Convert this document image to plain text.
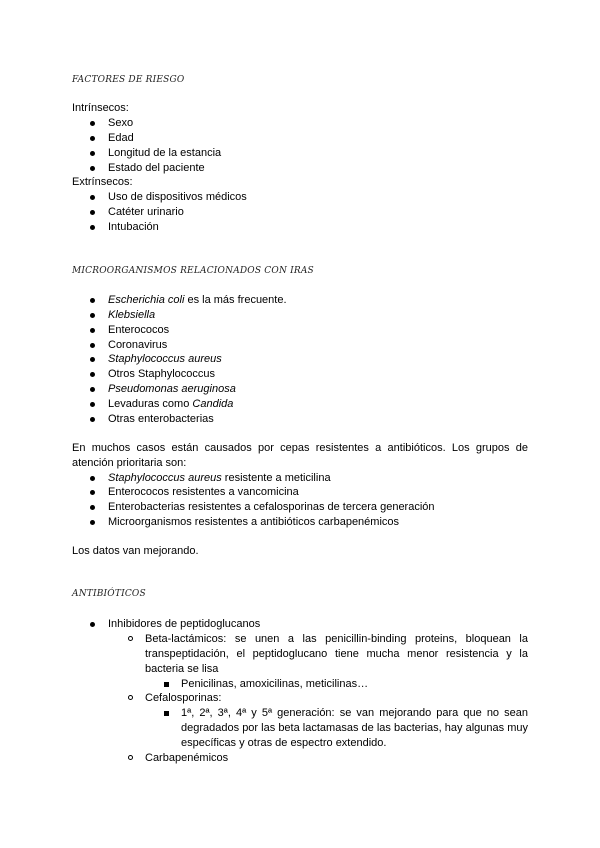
FACTORES DE RIESGO
Intrínsecos:
Sexo
Edad
Longitud de la estancia
Estado del paciente
Extrínsecos:
Uso de dispositivos médicos
Catéter urinario
Intubación
MICROORGANISMOS RELACIONADOS CON IRAS
Escherichia coli es la más frecuente.
Klebsiella
Enterococos
Coronavirus
Staphylococcus aureus
Otros Staphylococcus
Pseudomonas aeruginosa
Levaduras como Candida
Otras enterobacterias
En muchos casos están causados por cepas resistentes a antibióticos. Los grupos de atención prioritaria son:
Staphylococcus aureus resistente a meticilina
Enterococos resistentes a vancomicina
Enterobacterias resistentes a cefalosporinas de tercera generación
Microorganismos resistentes a antibióticos carbapenémicos
Los datos van mejorando.
ANTIBIÓTICOS
Inhibidores de peptidoglucanos
Beta-lactámicos: se unen a las penicillin-binding proteins, bloquean la transpeptidación, el peptidoglucano tiene mucha menor resistencia y la bacteria se lisa
Penicilinas, amoxicilinas, meticilinas…
Cefalosporinas:
1ª, 2ª, 3ª, 4ª y 5ª generación: se van mejorando para que no sean degradados por las beta lactamasas de las bacterias, hay algunas muy específicas y otras de espectro extendido.
Carbapenémicos
